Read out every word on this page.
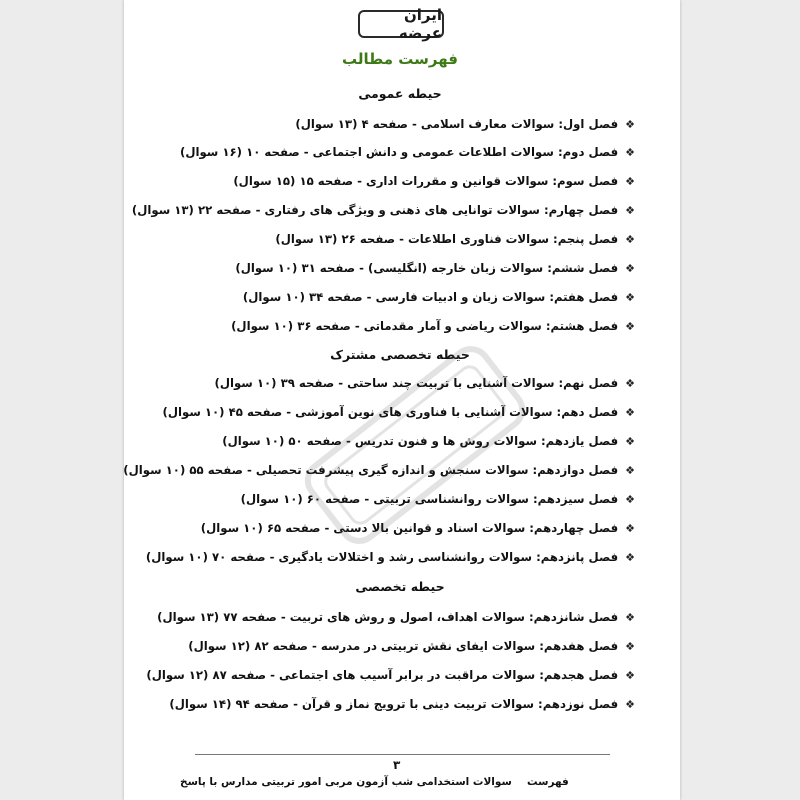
ایران عرضه
فهرست مطالب
حیطه عمومی
حیطه تخصصی مشترک
حیطه تخصصی
❖
فصل اول: سوالات معارف اسلامی - صفحه ۴ (۱۳ سوال)
❖
فصل دوم: سوالات اطلاعات عمومی و دانش اجتماعی - صفحه ۱۰ (۱۶ سوال)
❖
فصل سوم: سوالات قوانین و مقررات اداری - صفحه ۱۵ (۱۵ سوال)
❖
فصل چهارم: سوالات توانایی های ذهنی و ویژگی های رفتاری - صفحه ۲۲ (۱۳ سوال)
❖
فصل پنجم: سوالات فناوری اطلاعات - صفحه ۲۶ (۱۳ سوال)
❖
فصل ششم: سوالات زبان خارجه (انگلیسی) - صفحه ۳۱ (۱۰ سوال)
❖
فصل هفتم: سوالات زبان و ادبیات فارسی - صفحه ۳۴ (۱۰ سوال)
❖
فصل هشتم: سوالات ریاضی و آمار مقدماتی - صفحه ۳۶ (۱۰ سوال)
❖
فصل نهم: سوالات آشنایی با تربیت چند ساحتی - صفحه ۳۹ (۱۰ سوال)
❖
فصل دهم: سوالات آشنایی با فناوری های نوین آموزشی - صفحه ۴۵ (۱۰ سوال)
❖
فصل یازدهم: سوالات روش ها و فنون تدریس - صفحه ۵۰ (۱۰ سوال)
❖
فصل دوازدهم: سوالات سنجش و اندازه گیری پیشرفت تحصیلی - صفحه ۵۵ (۱۰ سوال)
❖
فصل سیزدهم: سوالات روانشناسی تربیتی - صفحه ۶۰ (۱۰ سوال)
❖
فصل چهاردهم: سوالات اسناد و قوانین بالا دستی - صفحه ۶۵ (۱۰ سوال)
❖
فصل پانزدهم: سوالات روانشناسی رشد و اختلالات یادگیری - صفحه ۷۰ (۱۰ سوال)
❖
فصل شانزدهم: سوالات اهداف، اصول و روش های تربیت - صفحه ۷۷ (۱۳ سوال)
❖
فصل هفدهم: سوالات ایفای نقش تربیتی در مدرسه - صفحه ۸۲ (۱۲ سوال)
❖
فصل هجدهم: سوالات مراقبت در برابر آسیب های اجتماعی - صفحه ۸۷ (۱۲ سوال)
❖
فصل نوزدهم: سوالات تربیت دینی با ترویج نماز و قرآن - صفحه ۹۴ (۱۴ سوال)
۳
سوالات استخدامی شب آزمون مربی امور تربیتی مدارس با پاسخ فهرست
